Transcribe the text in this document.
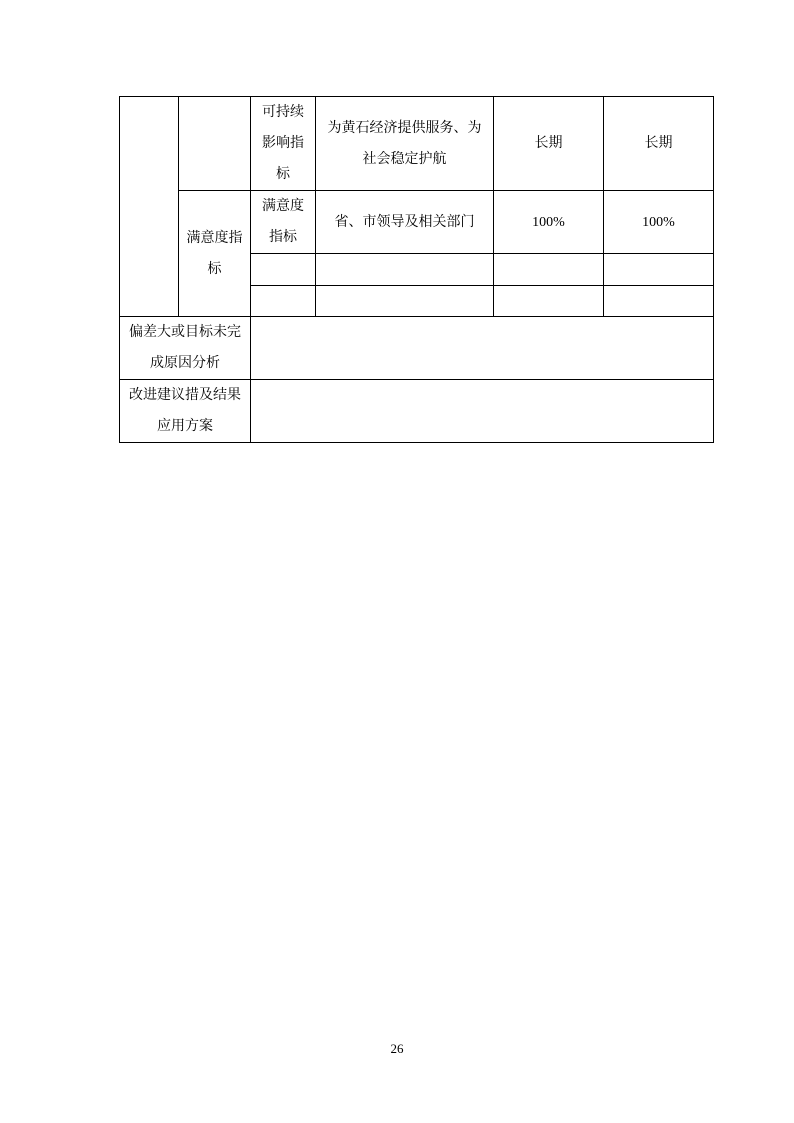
		可持续影响指标	为黄石经济提供服务、为社会稳定护航	长期	长期
	满意度指标	满意度指标	省、市领导及相关部门	100%	100%

偏差大或目标未完成原因分析					
改进建议措及结果应用方案					
26
